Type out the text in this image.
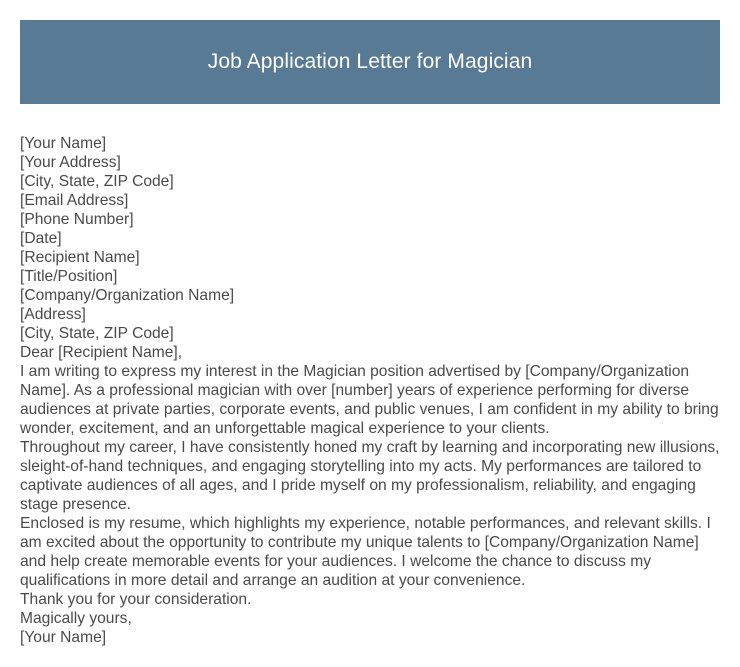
Job Application Letter for Magician
[Your Name]
[Your Address]
[City, State, ZIP Code]
[Email Address]
[Phone Number]
[Date]
[Recipient Name]
[Title/Position]
[Company/Organization Name]
[Address]
[City, State, ZIP Code]
Dear [Recipient Name],

I am writing to express my interest in the Magician position advertised by [Company/Organization Name]. As a professional magician with over [number] years of experience performing for diverse audiences at private parties, corporate events, and public venues, I am confident in my ability to bring wonder, excitement, and an unforgettable magical experience to your clients.

Throughout my career, I have consistently honed my craft by learning and incorporating new illusions, sleight-of-hand techniques, and engaging storytelling into my acts. My performances are tailored to captivate audiences of all ages, and I pride myself on my professionalism, reliability, and engaging stage presence.

Enclosed is my resume, which highlights my experience, notable performances, and relevant skills. I am excited about the opportunity to contribute my unique talents to [Company/Organization Name] and help create memorable events for your audiences. I welcome the chance to discuss my qualifications in more detail and arrange an audition at your convenience.

Thank you for your consideration.

Magically yours,
[Your Name]
